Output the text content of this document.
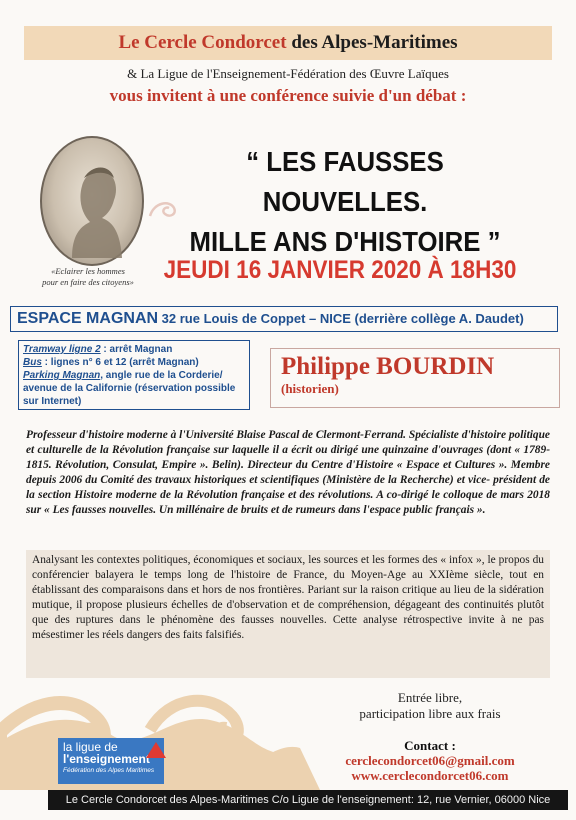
Le Cercle Condorcet des Alpes-Maritimes
& La Ligue de l'Enseignement-Fédération des Œuvre Laïques
vous invitent à une conférence suivie d'un débat :
«Eclairer les hommes
pour en faire des citoyens»
“ LES FAUSSES NOUVELLES.
MILLE ANS D'HISTOIRE ”
JEUDI 16 JANVIER 2020 À 18H30
ESPACE MAGNAN 32 rue Louis de Coppet – NICE (derrière collège A. Daudet)
Tramway ligne 2 : arrêt Magnan
Bus : lignes n° 6 et 12 (arrêt Magnan)
Parking Magnan, angle rue de la Corderie/ avenue de la Californie (réservation possible sur Internet)
Philippe BOURDIN
(historien)
Professeur d'histoire moderne à l'Université Blaise Pascal de Clermont-Ferrand. Spécialiste d'histoire politique et culturelle de la Révolution française sur laquelle il a écrit ou dirigé une quinzaine d'ouvrages (dont « 1789-1815. Révolution, Consulat, Empire ». Belin). Directeur du Centre d'Histoire « Espace et Cultures ». Membre depuis 2006 du Comité des travaux historiques et scientifiques (Ministère de la Recherche) et vice- président de la section Histoire moderne de la Révolution française et des révolutions. A co-dirigé le colloque de mars 2018 sur « Les fausses nouvelles. Un millénaire de bruits et de rumeurs dans l'espace public français ».
Analysant les contextes politiques, économiques et sociaux, les sources et les formes des « infox », le propos du conférencier balayera le temps long de l'histoire de France, du Moyen-Age au XXIème siècle, tout en établissant des comparaisons dans et hors de nos frontières. Pariant sur la raison critique au lieu de la sidération mutique, il propose plusieurs échelles de d'observation et de compréhension, dégageant des continuités plutôt que des ruptures dans le phénomène des fausses nouvelles. Cette analyse rétrospective invite à ne pas mésestimer les réels dangers des faits falsifiés.
Entrée libre,
participation libre aux frais
Contact :
cerclecondorcet06@gmail.com
www.cerclecondorcet06.com
la ligue de
l'enseignement
Fédération des Alpes Maritimes
Le Cercle Condorcet des Alpes-Maritimes C/o Ligue de l'enseignement: 12, rue Vernier, 06000 Nice
